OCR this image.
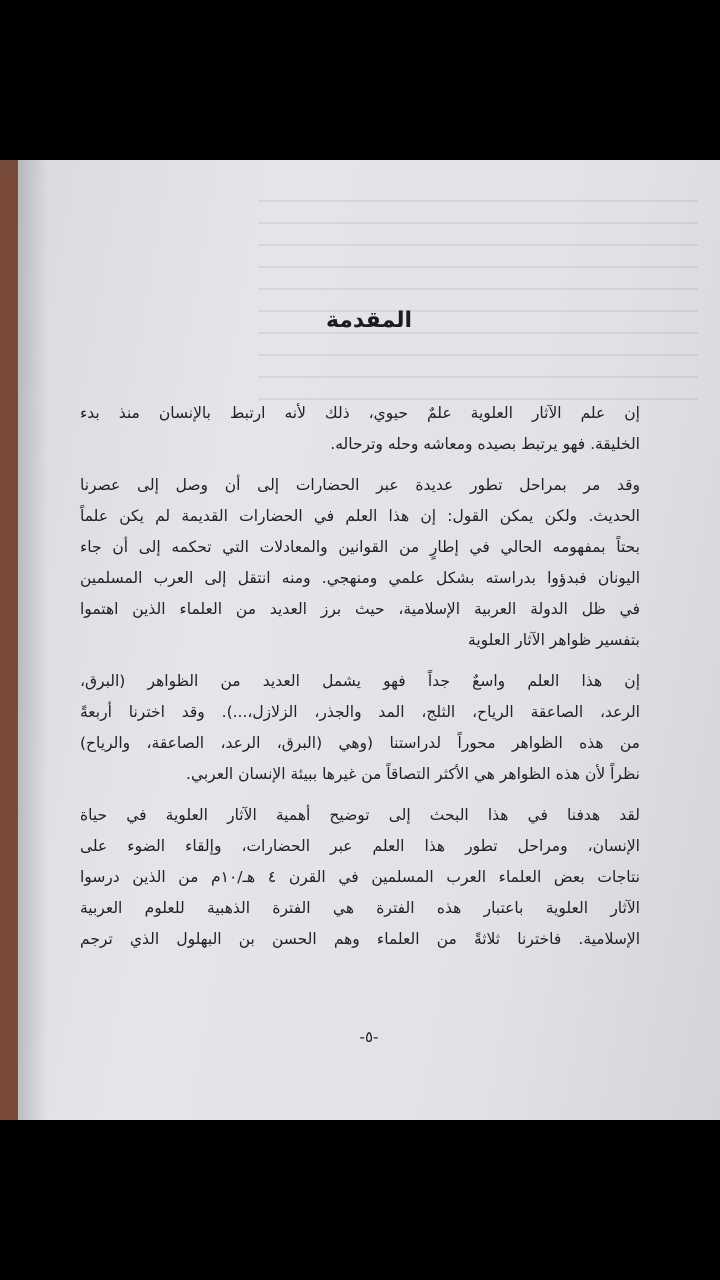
المقدمة
إن علم الآثار العلوية علمٌ حيوي، ذلك لأنه ارتبط بالإنسان منذ بدء
الخليقة. فهو يرتبط بصيده ومعاشه وحله وترحاله.
وقد مر بمراحل تطور عديدة عبر الحضارات إلى أن وصل إلى عصرنا
الحديث. ولكن يمكن القول: إن هذا العلم في الحضارات القديمة لم يكن علماً
بحتاً بمفهومه الحالي في إطارٍ من القوانين والمعادلات التي تحكمه إلى أن جاء
اليونان فبدؤوا بدراسته بشكل علمي ومنهجي. ومنه انتقل إلى العرب المسلمين
في ظل الدولة العربية الإسلامية، حيث برز العديد من العلماء الذين اهتموا
بتفسير ظواهر الآثار العلوية
إن هذا العلم واسعٌ جداً فهو يشمل العديد من الظواهر (البرق،
الرعد، الصاعقة الرياح، الثلج، المد والجذر، الزلازل،...). وقد اخترنا أربعةً
من هذه الظواهر محوراً لدراستنا (وهي (البرق، الرعد، الصاعقة، والرياح)
نظراً لأن هذه الظواهر هي الأكثر التصاقاً من غيرها ببيئة الإنسان العربي.
لقد هدفنا في هذا البحث إلى توضيح أهمية الآثار العلوية في حياة
الإنسان، ومراحل تطور هذا العلم عبر الحضارات، وإلقاء الضوء على
نتاجات بعض العلماء العرب المسلمين في القرن ٤ هـ/١٠م من الذين درسوا
الآثار العلوية باعتبار هذه الفترة هي الفترة الذهبية للعلوم العربية
الإسلامية. فاخترنا ثلاثةً من العلماء وهم الحسن بن البهلول الذي ترجم
-٥-
